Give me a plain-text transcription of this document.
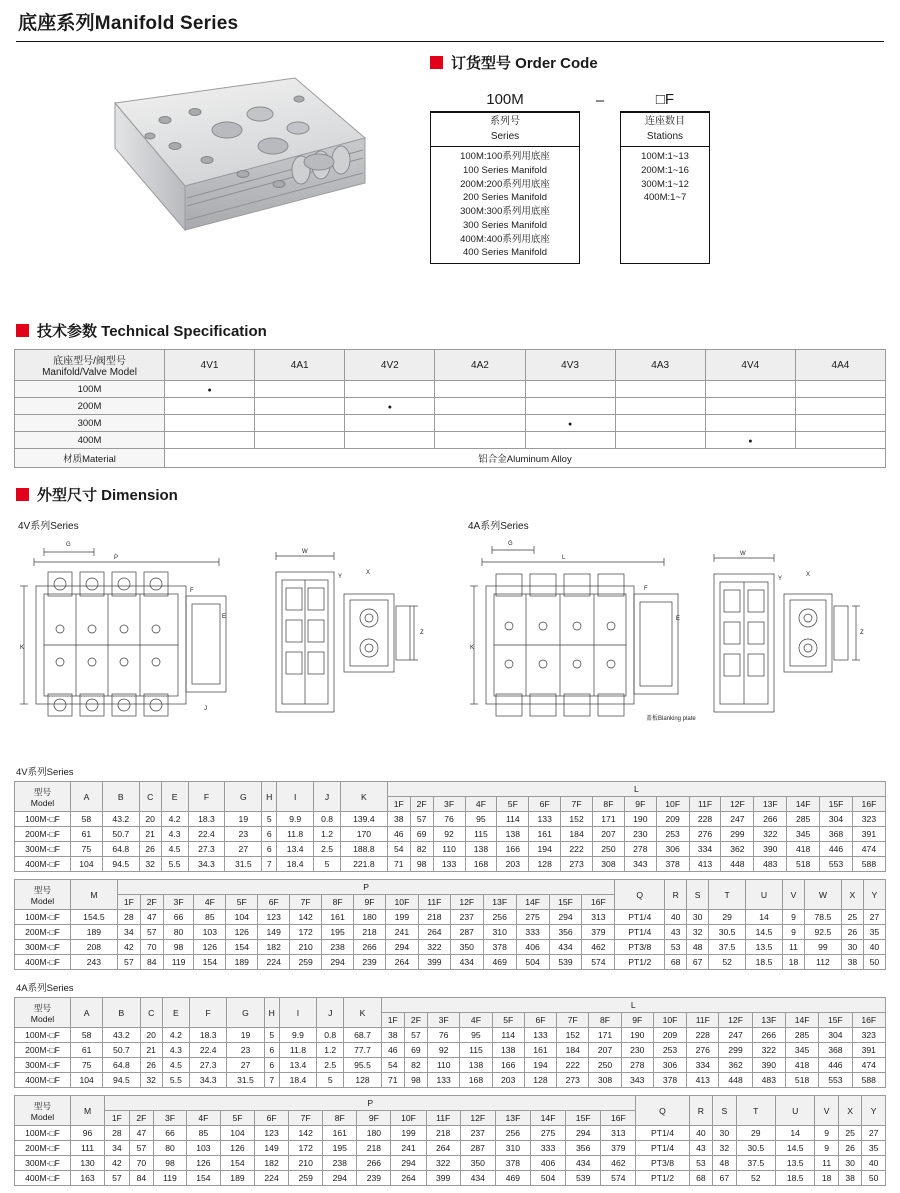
底座系列Manifold Series
订货型号 Order Code
100M	–	□F
系列号
Series
100M:100系列用底座
100 Series Manifold
200M:200系列用底座
200 Series Manifold
300M:300系列用底座
300 Series Manifold
400M:400系列用底座
400 Series Manifold
连座数目
Stations
100M:1~13
200M:1~16
300M:1~12
400M:1~7
技术参数 Technical Specification
底座型号/阀型号
Manifold/Valve Model	4V1	4A1	4V2	4A2	4V3	4A3	4V4	4A4
100M	●							
200M			●					
300M					●			
400M							●	
材质Material	铝合金Aluminum Alloy							
外型尺寸 Dimension
4V系列Series
P
G
W
K
F
E
Y
X
Z
J
4A系列Series
L
G
W
K
F
E
Y
X
Z
盖板Blanking plate
4V系列Series
型号
Model	A	B	C	E	F	G	H	I	J	K	L															
											1F	2F	3F	4F	5F	6F	7F	8F	9F	10F	11F	12F	13F	14F	15F	16F
100M-□F	58	43.2	20	4.2	18.3	19	5	9.9	0.8	139.4	38	57	76	95	114	133	152	171	190	209	228	247	266	285	304	323
200M-□F	61	50.7	21	4.3	22.4	23	6	11.8	1.2	170	46	69	92	115	138	161	184	207	230	253	276	299	322	345	368	391
300M-□F	75	64.8	26	4.5	27.3	27	6	13.4	2.5	188.8	54	82	110	138	166	194	222	250	278	306	334	362	390	418	446	474
400M-□F	104	94.5	32	5.5	34.3	31.5	7	18.4	5	221.8	71	98	133	168	203	128	273	308	343	378	413	448	483	518	553	588
型号
Model	M	P																Q	R	S	T	U	V	W	X	Y
		1F	2F	3F	4F	5F	6F	7F	8F	9F	10F	11F	12F	13F	14F	15F	16F									
100M-□F	154.5	28	47	66	85	104	123	142	161	180	199	218	237	256	275	294	313	PT1/4	40	30	29	14	9	78.5	25	27
200M-□F	189	34	57	80	103	126	149	172	195	218	241	264	287	310	333	356	379	PT1/4	43	32	30.5	14.5	9	92.5	26	35
300M-□F	208	42	70	98	126	154	182	210	238	266	294	322	350	378	406	434	462	PT3/8	53	48	37.5	13.5	11	99	30	40
400M-□F	243	57	84	119	154	189	224	259	294	239	264	399	434	469	504	539	574	PT1/2	68	67	52	18.5	18	112	38	50
4A系列Series
型号
Model	A	B	C	E	F	G	H	I	J	K	L															
											1F	2F	3F	4F	5F	6F	7F	8F	9F	10F	11F	12F	13F	14F	15F	16F
100M-□F	58	43.2	20	4.2	18.3	19	5	9.9	0.8	68.7	38	57	76	95	114	133	152	171	190	209	228	247	266	285	304	323
200M-□F	61	50.7	21	4.3	22.4	23	6	11.8	1.2	77.7	46	69	92	115	138	161	184	207	230	253	276	299	322	345	368	391
300M-□F	75	64.8	26	4.5	27.3	27	6	13.4	2.5	95.5	54	82	110	138	166	194	222	250	278	306	334	362	390	418	446	474
400M-□F	104	94.5	32	5.5	34.3	31.5	7	18.4	5	128	71	98	133	168	203	128	273	308	343	378	413	448	483	518	553	588
型号
Model	M	P																Q	R	S	T	U	V	X	Y
		1F	2F	3F	4F	5F	6F	7F	8F	9F	10F	11F	12F	13F	14F	15F	16F								
100M-□F	96	28	47	66	85	104	123	142	161	180	199	218	237	256	275	294	313	PT1/4	40	30	29	14	9	25	27
200M-□F	111	34	57	80	103	126	149	172	195	218	241	264	287	310	333	356	379	PT1/4	43	32	30.5	14.5	9	26	35
300M-□F	130	42	70	98	126	154	182	210	238	266	294	322	350	378	406	434	462	PT3/8	53	48	37.5	13.5	11	30	40
400M-□F	163	57	84	119	154	189	224	259	294	239	264	399	434	469	504	539	574	PT1/2	68	67	52	18.5	18	38	50
